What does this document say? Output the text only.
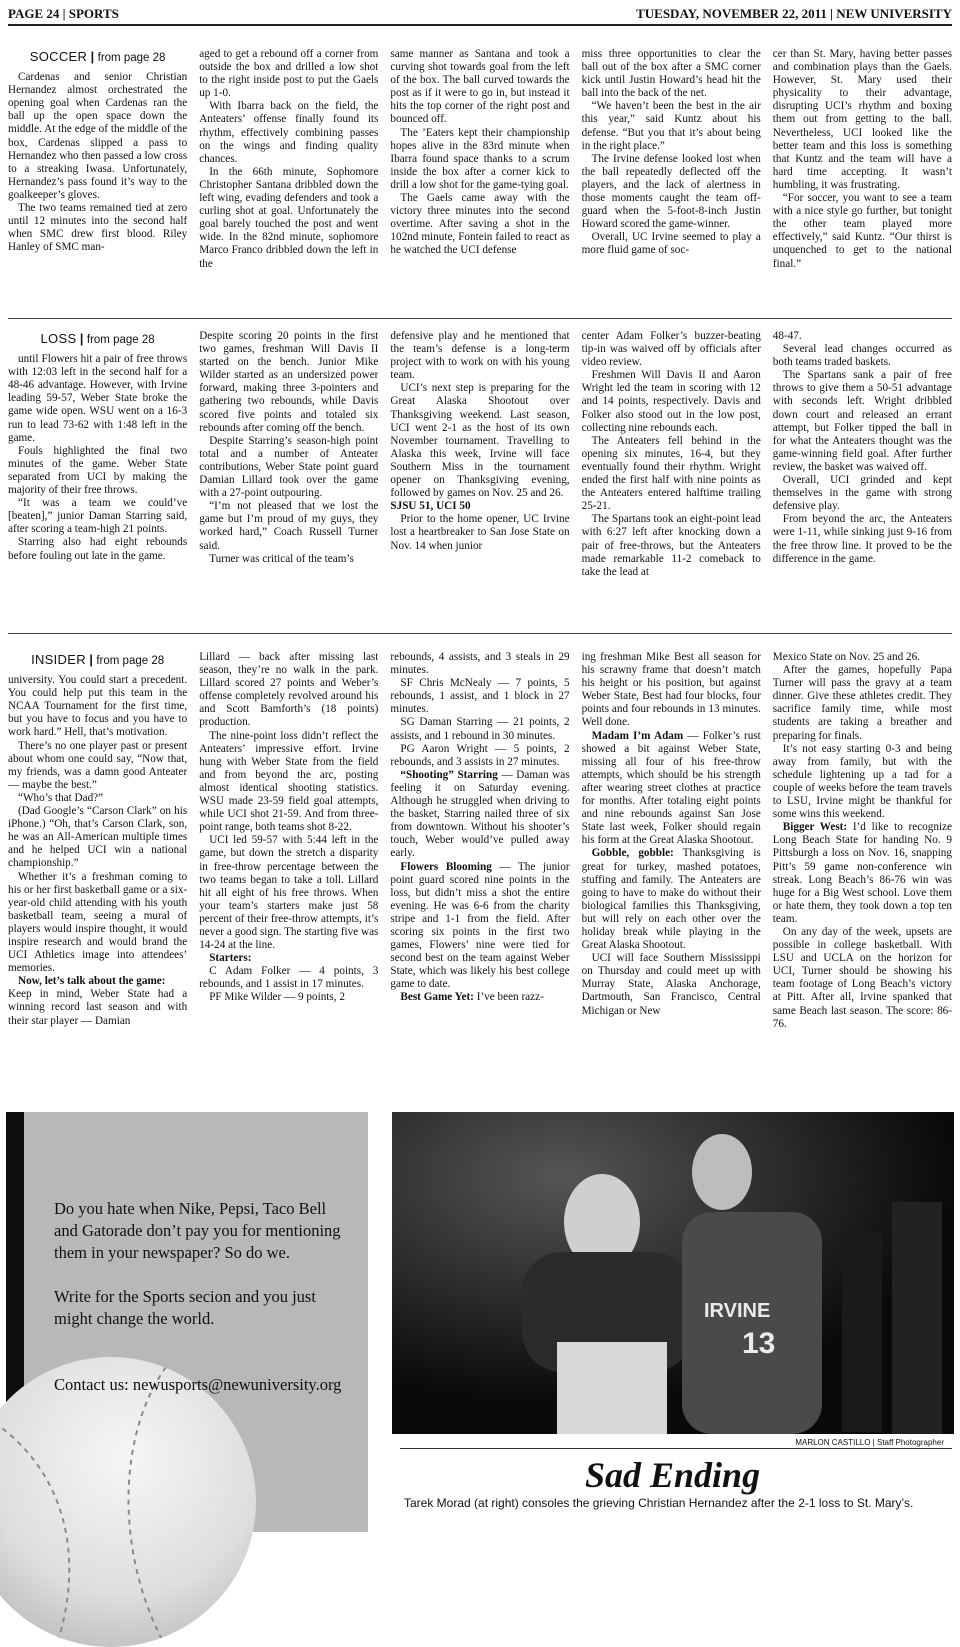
PAGE 24 | SPORTS	TUESDAY, NOVEMBER 22, 2011 | NEW UNIVERSITY
SOCCER | from page 28

Cardenas and senior Christian Hernandez almost orchestrated the opening goal when Cardenas ran the ball up the open space down the middle. At the edge of the middle of the box, Cardenas slipped a pass to Hernandez who then passed a low cross to a streaking Iwasa. Unfortunately, Hernandez’s pass found it’s way to the goalkeeper’s gloves.

The two teams remained tied at zero until 12 minutes into the second half when SMC drew first blood. Riley Hanley of SMC man-

aged to get a rebound off a corner from outside the box and drilled a low shot to the right inside post to put the Gaels up 1-0.

With Ibarra back on the field, the Anteaters’ offense finally found its rhythm, effectively combining passes on the wings and finding quality chances.

In the 66th minute, Sophomore Christopher Santana dribbled down the left wing, evading defenders and took a curling shot at goal. Unfortunately the goal barely touched the post and went wide. In the 82nd minute, sophomore Marco Franco dribbled down the left in the

same manner as Santana and took a curving shot towards goal from the left of the box. The ball curved towards the post as if it were to go in, but instead it hits the top corner of the right post and bounced off.

The ’Eaters kept their championship hopes alive in the 83rd minute when Ibarra found space thanks to a scrum inside the box after a corner kick to drill a low shot for the game-tying goal.

The Gaels came away with the victory three minutes into the second overtime. After saving a shot in the 102nd minute, Fontein failed to react as he watched the UCI defense

miss three opportunities to clear the ball out of the box after a SMC corner kick until Justin Howard’s head hit the ball into the back of the net.

“We haven’t been the best in the air this year,” said Kuntz about his defense. “But you that it’s about being in the right place.”

The Irvine defense looked lost when the ball repeatedly deflected off the players, and the lack of alertness in those moments caught the team off-guard when the 5-foot-8-inch Justin Howard scored the game-winner.

Overall, UC Irvine seemed to play a more fluid game of soc-

cer than St. Mary, having better passes and combination plays than the Gaels. However, St. Mary used their physicality to their advantage, disrupting UCI’s rhythm and boxing them out from getting to the ball. Nevertheless, UCI looked like the better team and this loss is something that Kuntz and the team will have a hard time accepting. It wasn’t humbling, it was frustrating.

“For soccer, you want to see a team with a nice style go further, but tonight the other team played more effectively,” said Kuntz. “Our thirst is unquenched to get to the national final.”

LOSS | from page 28

until Flowers hit a pair of free throws with 12:03 left in the second half for a 48-46 advantage. However, with Irvine leading 59-57, Weber State broke the game wide open. WSU went on a 16-3 run to lead 73-62 with 1:48 left in the game.

Fouls highlighted the final two minutes of the game. Weber State separated from UCI by making the majority of their free throws.

“It was a team we could’ve [beaten],” junior Daman Starring said, after scoring a team-high 21 points.

Starring also had eight rebounds before fouling out late in the game.

Despite scoring 20 points in the first two games, freshman Will Davis II started on the bench. Junior Mike Wilder started as an undersized power forward, making three 3-pointers and gathering two rebounds, while Davis scored five points and totaled six rebounds after coming off the bench.

Despite Starring’s season-high point total and a number of Anteater contributions, Weber State point guard Damian Lillard took over the game with a 27-point outpouring.

“I’m not pleased that we lost the game but I’m proud of my guys, they worked hard,” Coach Russell Turner said.

Turner was critical of the team’s

defensive play and he mentioned that the team’s defense is a long-term project with to work on with his young team.

UCI’s next step is preparing for the Great Alaska Shootout over Thanksgiving weekend. Last season, UCI went 2-1 as the host of its own November tournament. Travelling to Alaska this week, Irvine will face Southern Miss in the tournament opener on Thanksgiving evening, followed by games on Nov. 25 and 26.

SJSU 51, UCI 50

Prior to the home opener, UC Irvine lost a heartbreaker to San Jose State on Nov. 14 when junior

center Adam Folker’s buzzer-beating tip-in was waived off by officials after video review.

Freshmen Will Davis II and Aaron Wright led the team in scoring with 12 and 14 points, respectively. Davis and Folker also stood out in the low post, collecting nine rebounds each.

The Anteaters fell behind in the opening six minutes, 16-4, but they eventually found their rhythm. Wright ended the first half with nine points as the Anteaters entered halftime trailing 25-21.

The Spartans took an eight-point lead with 6:27 left after knocking down a pair of free-throws, but the Anteaters made remarkable 11-2 comeback to take the lead at

48-47.

Several lead changes occurred as both teams traded baskets.

The Spartans sank a pair of free throws to give them a 50-51 advantage with seconds left. Wright dribbled down court and released an errant attempt, but Folker tipped the ball in for what the Anteaters thought was the game-winning field goal. After further review, the basket was waived off.

Overall, UCI grinded and kept themselves in the game with strong defensive play.

From beyond the arc, the Anteaters were 1-11, while sinking just 9-16 from the free throw line. It proved to be the difference in the game.

INSIDER | from page 28

university. You could start a precedent. You could help put this team in the NCAA Tournament for the first time, but you have to focus and you have to work hard.” Hell, that’s motivation.

There’s no one player past or present about whom one could say, “Now that, my friends, was a damn good Anteater — maybe the best.”

“Who’s that Dad?”

(Dad Google’s “Carson Clark” on his iPhone.) “Oh, that’s Carson Clark, son, he was an All-American multiple times and he helped UCI win a national championship.”

Whether it’s a freshman coming to his or her first basketball game or a six-year-old child attending with his youth basketball team, seeing a mural of players would inspire thought, it would inspire research and would brand the UCI Athletics image into attendees’ memories.

Now, let’s talk about the game:

Keep in mind, Weber State had a winning record last season and with their star player — Damian

Lillard — back after missing last season, they’re no walk in the park. Lillard scored 27 points and Weber’s offense completely revolved around his and Scott Bamforth’s (18 points) production.

The nine-point loss didn’t reflect the Anteaters’ impressive effort. Irvine hung with Weber State from the field and from beyond the arc, posting almost identical shooting statistics. WSU made 23-59 field goal attempts, while UCI shot 21-59. And from three-point range, both teams shot 8-22.

UCI led 59-57 with 5:44 left in the game, but down the stretch a disparity in free-throw percentage between the two teams began to take a toll. Lillard hit all eight of his free throws. When your team’s starters make just 58 percent of their free-throw attempts, it’s never a good sign. The starting five was 14-24 at the line.

Starters:

C Adam Folker — 4 points, 3 rebounds, and 1 assist in 17 minutes.

PF Mike Wilder — 9 points, 2

rebounds, 4 assists, and 3 steals in 29 minutes.

SF Chris McNealy — 7 points, 5 rebounds, 1 assist, and 1 block in 27 minutes.

SG Daman Starring — 21 points, 2 assists, and 1 rebound in 30 minutes.

PG Aaron Wright — 5 points, 2 rebounds, and 3 assists in 27 minutes.

“Shooting” Starring — Daman was feeling it on Saturday evening. Although he struggled when driving to the basket, Starring nailed three of six from downtown. Without his shooter’s touch, Weber would’ve pulled away early.

Flowers Blooming — The junior point guard scored nine points in the loss, but didn’t miss a shot the entire evening. He was 6-6 from the charity stripe and 1-1 from the field. After scoring six points in the first two games, Flowers’ nine were tied for second best on the team against Weber State, which was likely his best college game to date.

Best Game Yet: I’ve been razz-

ing freshman Mike Best all season for his scrawny frame that doesn’t match his height or his position, but against Weber State, Best had four blocks, four points and four rebounds in 13 minutes. Well done.

Madam I’m Adam — Folker’s rust showed a bit against Weber State, missing all four of his free-throw attempts, which should be his strength after wearing street clothes at practice for months. After totaling eight points and nine rebounds against San Jose State last week, Folker should regain his form at the Great Alaska Shootout.

Gobble, gobble: Thanksgiving is great for turkey, mashed potatoes, stuffing and family. The Anteaters are going to have to make do without their biological families this Thanksgiving, but will rely on each other over the holiday break while playing in the Great Alaska Shootout.

UCI will face Southern Mississippi on Thursday and could meet up with Murray State, Alaska Anchorage, Dartmouth, San Francisco, Central Michigan or New

Mexico State on Nov. 25 and 26.

After the games, hopefully Papa Turner will pass the gravy at a team dinner. Give these athletes credit. They sacrifice family time, while most students are taking a breather and preparing for finals.

It’s not easy starting 0-3 and being away from family, but with the schedule lightening up a tad for a couple of weeks before the team travels to LSU, Irvine might be thankful for some wins this weekend.

Bigger West: I’d like to recognize Long Beach State for handing No. 9 Pittsburgh a loss on Nov. 16, snapping Pitt’s 59 game non-conference win streak. Long Beach’s 86-76 win was huge for a Big West school. Love them or hate them, they took down a top ten team.

On any day of the week, upsets are possible in college basketball. With LSU and UCLA on the horizon for UCI, Turner should be showing his team footage of Long Beach’s victory at Pitt. After all, Irvine spanked that same Beach last season. The score: 86-76.

Do you hate when Nike, Pepsi, Taco Bell and Gatorade don’t pay you for mentioning them in your newspaper? So do we.
Write for the Sports secion and you just might change the world.
Contact us: newusports@newuniversity.org
IRVINE
13
MARLON CASTILLO | Staff Photographer
Sad Ending
Tarek Morad (at right) consoles the grieving Christian Hernandez after the 2-1 loss to St. Mary’s.
